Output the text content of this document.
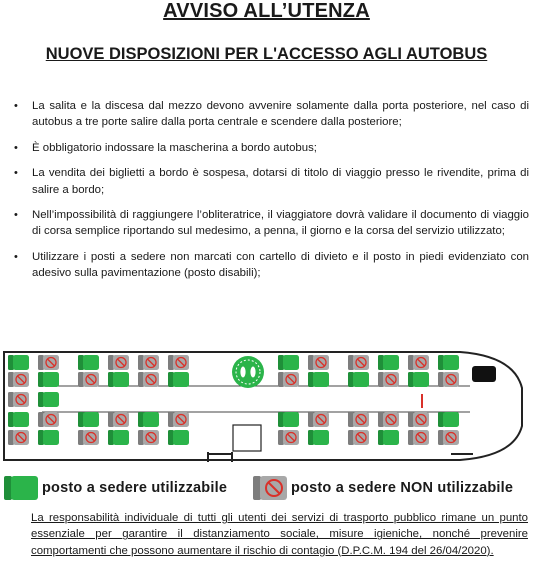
AVVISO ALL’UTENZA
NUOVE DISPOSIZIONI PER L'ACCESSO AGLI AUTOBUS
• La salita e la discesa dal mezzo devono avvenire solamente dalla porta posteriore, nel caso di autobus a tre porte salire dalla porta centrale e scendere dalla posteriore;
• È obbligatorio indossare la mascherina a bordo autobus;
• La vendita dei biglietti a bordo è sospesa, dotarsi di titolo di viaggio presso le rivendite, prima di salire a bordo;
• Nell’impossibilità di raggiungere l’obliteratrice, il viaggiatore dovrà validare il documento di viaggio di corsa semplice riportando sul medesimo, a penna, il giorno e la corsa del servizio utilizzato;
• Utilizzare i posti a sedere non marcati con cartello di divieto e il posto in piedi evidenziato con adesivo sulla pavimentazione (posto disabili);
posto a sedere utilizzabile	posto a sedere NON utilizzabile

La responsabilità individuale di tutti gli utenti dei servizi di trasporto pubblico rimane un punto essenziale per garantire il distanziamento sociale, misure igieniche, nonché prevenire comportamenti che possono aumentare il rischio di contagio (D.P.C.M. 194 del 26/04/2020).
